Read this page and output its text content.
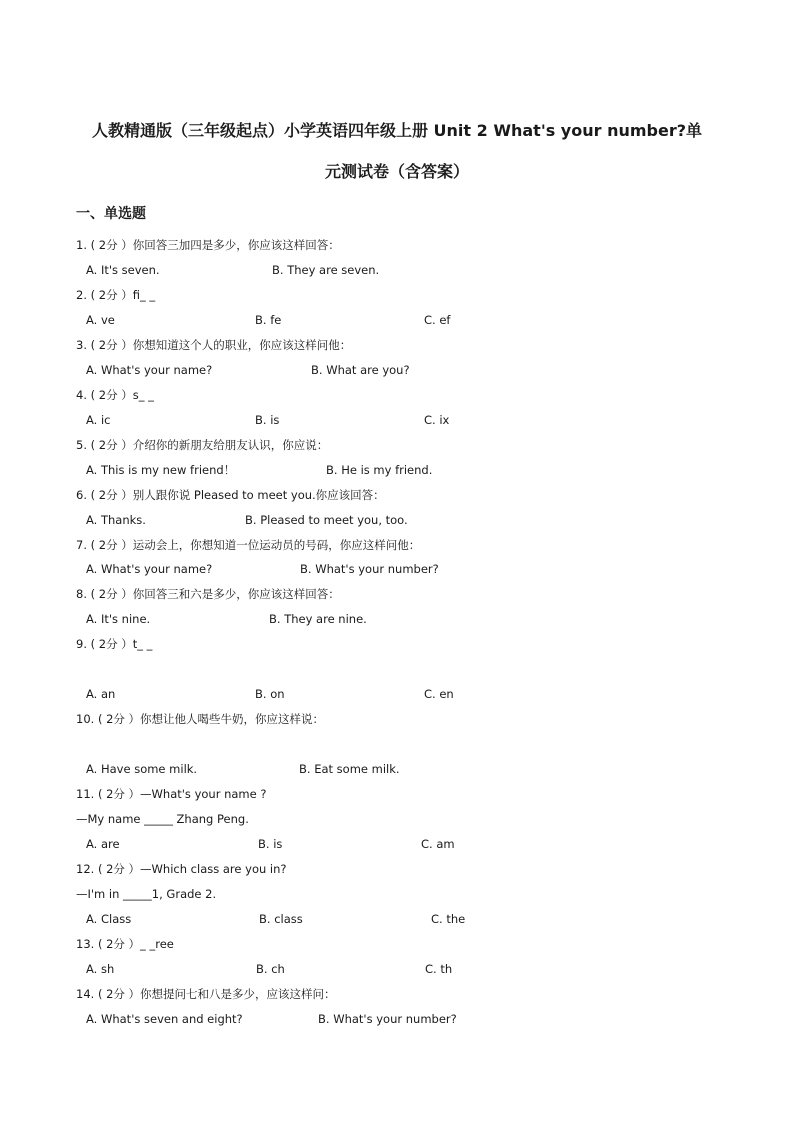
人教精通版（三年级起点）小学英语四年级上册 Unit 2 What's your number?单
元测试卷（含答案）
一、单选题
1. ( 2分 ）你回答三加四是多少，你应该这样回答：
A. It's seven.	B. They are seven.
2. ( 2分 ）fi_ _
A. ve	B. fe	C. ef
3. ( 2分 ）你想知道这个人的职业，你应该这样问他：
A. What's your name?	B. What are you?
4. ( 2分 ）s_ _
A. ic	B. is	C. ix
5. ( 2分 ）介绍你的新朋友给朋友认识，你应说：
A. This is my new friend！	B. He is my friend.
6. ( 2分 ）别人跟你说 Pleased to meet you.你应该回答：
A. Thanks.	B. Pleased to meet you, too.
7. ( 2分 ）运动会上，你想知道一位运动员的号码，你应这样问他：
A. What's your name?	B. What's your number?
8. ( 2分 ）你回答三和六是多少，你应该这样回答：
A. It's nine.	B. They are nine.
9. ( 2分 ）t_ _
A. an	B. on	C. en
10. ( 2分 ）你想让他人喝些牛奶，你应这样说：
A. Have some milk.	B. Eat some milk.
11. ( 2分 ）—What's your name ?
—My name _____ Zhang Peng.
A. are	B. is	C. am
12. ( 2分 ）—Which class are you in?
—I'm in _____1, Grade 2.
A. Class	B. class	C. the
13. ( 2分 ）_ _ree
A. sh	B. ch	C. th
14. ( 2分 ）你想提问七和八是多少，应该这样问：
A. What's seven and eight?	B. What's your number?
